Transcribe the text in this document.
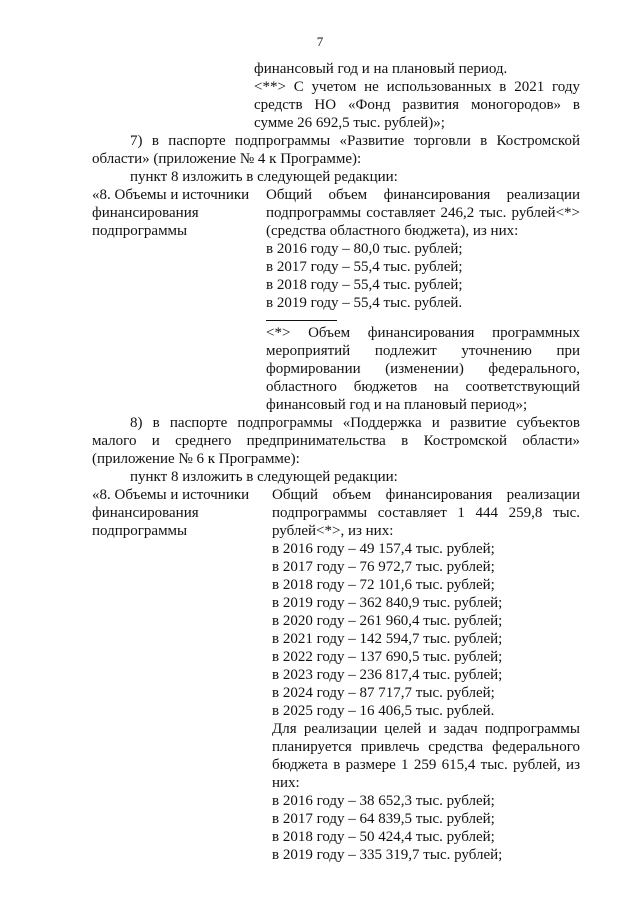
7
финансовый год и на плановый период.
<**> С учетом не использованных в 2021 году
средств НО «Фонд развития моногородов» в
сумме 26 692,5 тыс. рублей)»;
7) в паспорте подпрограммы «Развитие торговли в Костромской
области» (приложение № 4 к Программе):
пункт 8 изложить в следующей редакции:
«8. Объемы и источники
финансирования
подпрограммы
Общий объем финансирования реализации
подпрограммы составляет 246,2 тыс. рублей<*>
(средства областного бюджета), из них:
в 2016 году – 80,0 тыс. рублей;
в 2017 году – 55,4 тыс. рублей;
в 2018 году – 55,4 тыс. рублей;
в 2019 году – 55,4 тыс. рублей.
<*> Объем финансирования программных
мероприятий подлежит уточнению при
формировании (изменении) федерального,
областного бюджетов на соответствующий
финансовый год и на плановый период»;
8) в паспорте подпрограммы «Поддержка и развитие субъектов
малого и среднего предпринимательства в Костромской области»
(приложение № 6 к Программе):
пункт 8 изложить в следующей редакции:
«8. Объемы и источники
финансирования
подпрограммы
Общий объем финансирования реализации
подпрограммы составляет 1 444 259,8 тыс.
рублей<*>, из них:
в 2016 году – 49 157,4 тыс. рублей;
в 2017 году – 76 972,7 тыс. рублей;
в 2018 году – 72 101,6 тыс. рублей;
в 2019 году – 362 840,9 тыс. рублей;
в 2020 году – 261 960,4 тыс. рублей;
в 2021 году – 142 594,7 тыс. рублей;
в 2022 году – 137 690,5 тыс. рублей;
в 2023 году – 236 817,4 тыс. рублей;
в 2024 году – 87 717,7 тыс. рублей;
в 2025 году – 16 406,5 тыс. рублей.
Для реализации целей и задач подпрограммы
планируется привлечь средства федерального
бюджета в размере 1 259 615,4 тыс. рублей, из
них:
в 2016 году – 38 652,3 тыс. рублей;
в 2017 году – 64 839,5 тыс. рублей;
в 2018 году – 50 424,4 тыс. рублей;
в 2019 году – 335 319,7 тыс. рублей;
